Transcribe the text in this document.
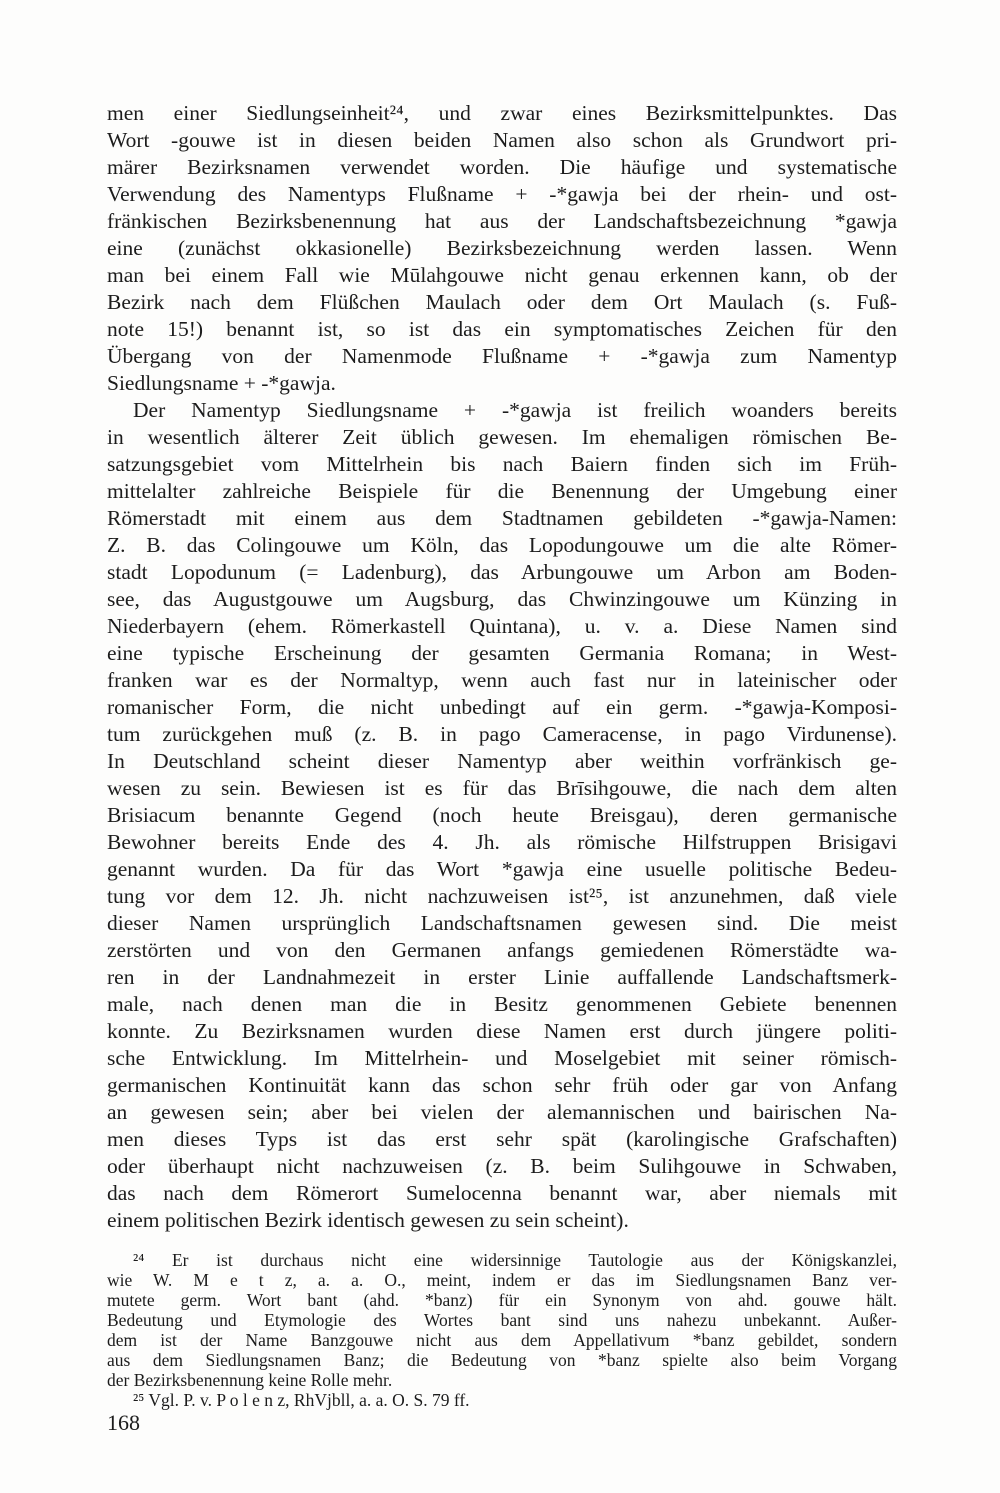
men einer Siedlungseinheit²⁴, und zwar eines Bezirksmittelpunktes. Das
Wort -gouwe ist in diesen beiden Namen also schon als Grundwort pri-
märer Bezirksnamen verwendet worden. Die häufige und systematische
Verwendung des Namentyps Flußname + -*gawja bei der rhein- und ost-
fränkischen Bezirksbenennung hat aus der Landschaftsbezeichnung *gawja
eine (zunächst okkasionelle) Bezirksbezeichnung werden lassen. Wenn
man bei einem Fall wie Mūlahgouwe nicht genau erkennen kann, ob der
Bezirk nach dem Flüßchen Maulach oder dem Ort Maulach (s. Fuß-
note 15!) benannt ist, so ist das ein symptomatisches Zeichen für den
Übergang von der Namenmode Flußname + -*gawja zum Namentyp
Siedlungsname + -*gawja.
Der Namentyp Siedlungsname + -*gawja ist freilich woanders bereits
in wesentlich älterer Zeit üblich gewesen. Im ehemaligen römischen Be-
satzungsgebiet vom Mittelrhein bis nach Baiern finden sich im Früh-
mittelalter zahlreiche Beispiele für die Benennung der Umgebung einer
Römerstadt mit einem aus dem Stadtnamen gebildeten -*gawja-Namen:
Z. B. das Colingouwe um Köln, das Lopodungouwe um die alte Römer-
stadt Lopodunum (= Ladenburg), das Arbungouwe um Arbon am Boden-
see, das Augustgouwe um Augsburg, das Chwinzingouwe um Künzing in
Niederbayern (ehem. Römerkastell Quintana), u. v. a. Diese Namen sind
eine typische Erscheinung der gesamten Germania Romana; in West-
franken war es der Normaltyp, wenn auch fast nur in lateinischer oder
romanischer Form, die nicht unbedingt auf ein germ. -*gawja-Komposi-
tum zurückgehen muß (z. B. in pago Cameracense, in pago Virdunense).
In Deutschland scheint dieser Namentyp aber weithin vorfränkisch ge-
wesen zu sein. Bewiesen ist es für das Brīsihgouwe, die nach dem alten
Brisiacum benannte Gegend (noch heute Breisgau), deren germanische
Bewohner bereits Ende des 4. Jh. als römische Hilfstruppen Brisigavi
genannt wurden. Da für das Wort *gawja eine usuelle politische Bedeu-
tung vor dem 12. Jh. nicht nachzuweisen ist²⁵, ist anzunehmen, daß viele
dieser Namen ursprünglich Landschaftsnamen gewesen sind. Die meist
zerstörten und von den Germanen anfangs gemiedenen Römerstädte wa-
ren in der Landnahmezeit in erster Linie auffallende Landschaftsmerk-
male, nach denen man die in Besitz genommenen Gebiete benennen
konnte. Zu Bezirksnamen wurden diese Namen erst durch jüngere politi-
sche Entwicklung. Im Mittelrhein- und Moselgebiet mit seiner römisch-
germanischen Kontinuität kann das schon sehr früh oder gar von Anfang
an gewesen sein; aber bei vielen der alemannischen und bairischen Na-
men dieses Typs ist das erst sehr spät (karolingische Grafschaften)
oder überhaupt nicht nachzuweisen (z. B. beim Sulihgouwe in Schwaben,
das nach dem Römerort Sumelocenna benannt war, aber niemals mit
einem politischen Bezirk identisch gewesen zu sein scheint).
²⁴ Er ist durchaus nicht eine widersinnige Tautologie aus der Königskanzlei,
wie W. M e t z, a. a. O., meint, indem er das im Siedlungsnamen Banz ver-
mutete germ. Wort bant (ahd. *banz) für ein Synonym von ahd. gouwe hält.
Bedeutung und Etymologie des Wortes bant sind uns nahezu unbekannt. Außer-
dem ist der Name Banzgouwe nicht aus dem Appellativum *banz gebildet, sondern
aus dem Siedlungsnamen Banz; die Bedeutung von *banz spielte also beim Vorgang
der Bezirksbenennung keine Rolle mehr.
²⁵ Vgl. P. v. P o l e n z, RhVjbll, a. a. O. S. 79 ff.
168
